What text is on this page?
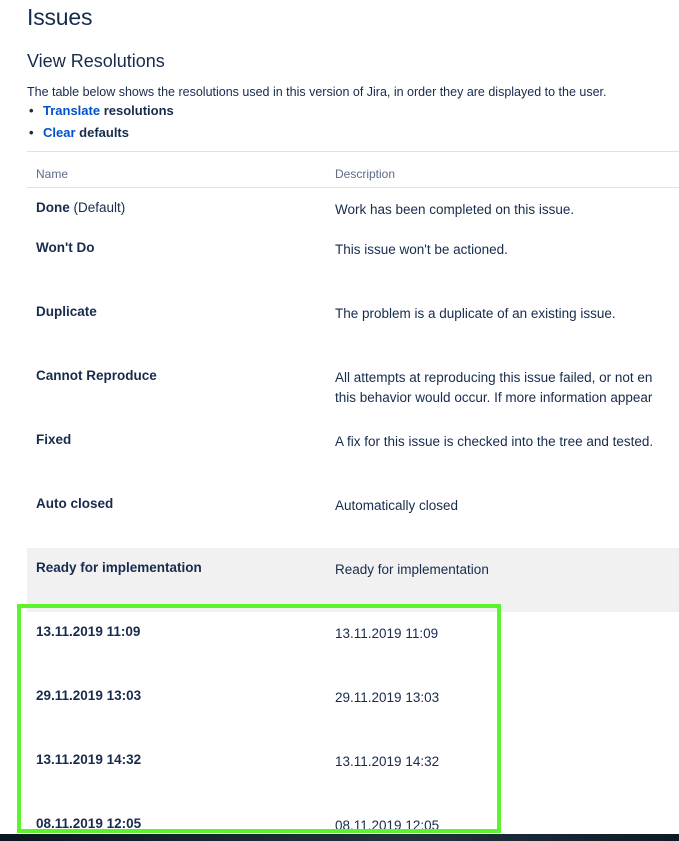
Issues
View Resolutions
The table below shows the resolutions used in this version of Jira, in order they are displayed to the user.
• Translate resolutions
• Clear defaults
Name	Description
Done (Default)	Work has been completed on this issue.
Won't Do	This issue won't be actioned.
Duplicate	The problem is a duplicate of an existing issue.
Cannot Reproduce	All attempts at reproducing this issue failed, or not en
this behavior would occur. If more information appear
Fixed	A fix for this issue is checked into the tree and tested.
Auto closed	Automatically closed
Ready for implementation	Ready for implementation
13.11.2019 11:09	13.11.2019 11:09
29.11.2019 13:03	29.11.2019 13:03
13.11.2019 14:32	13.11.2019 14:32
08.11.2019 12:05	08.11.2019 12:05
